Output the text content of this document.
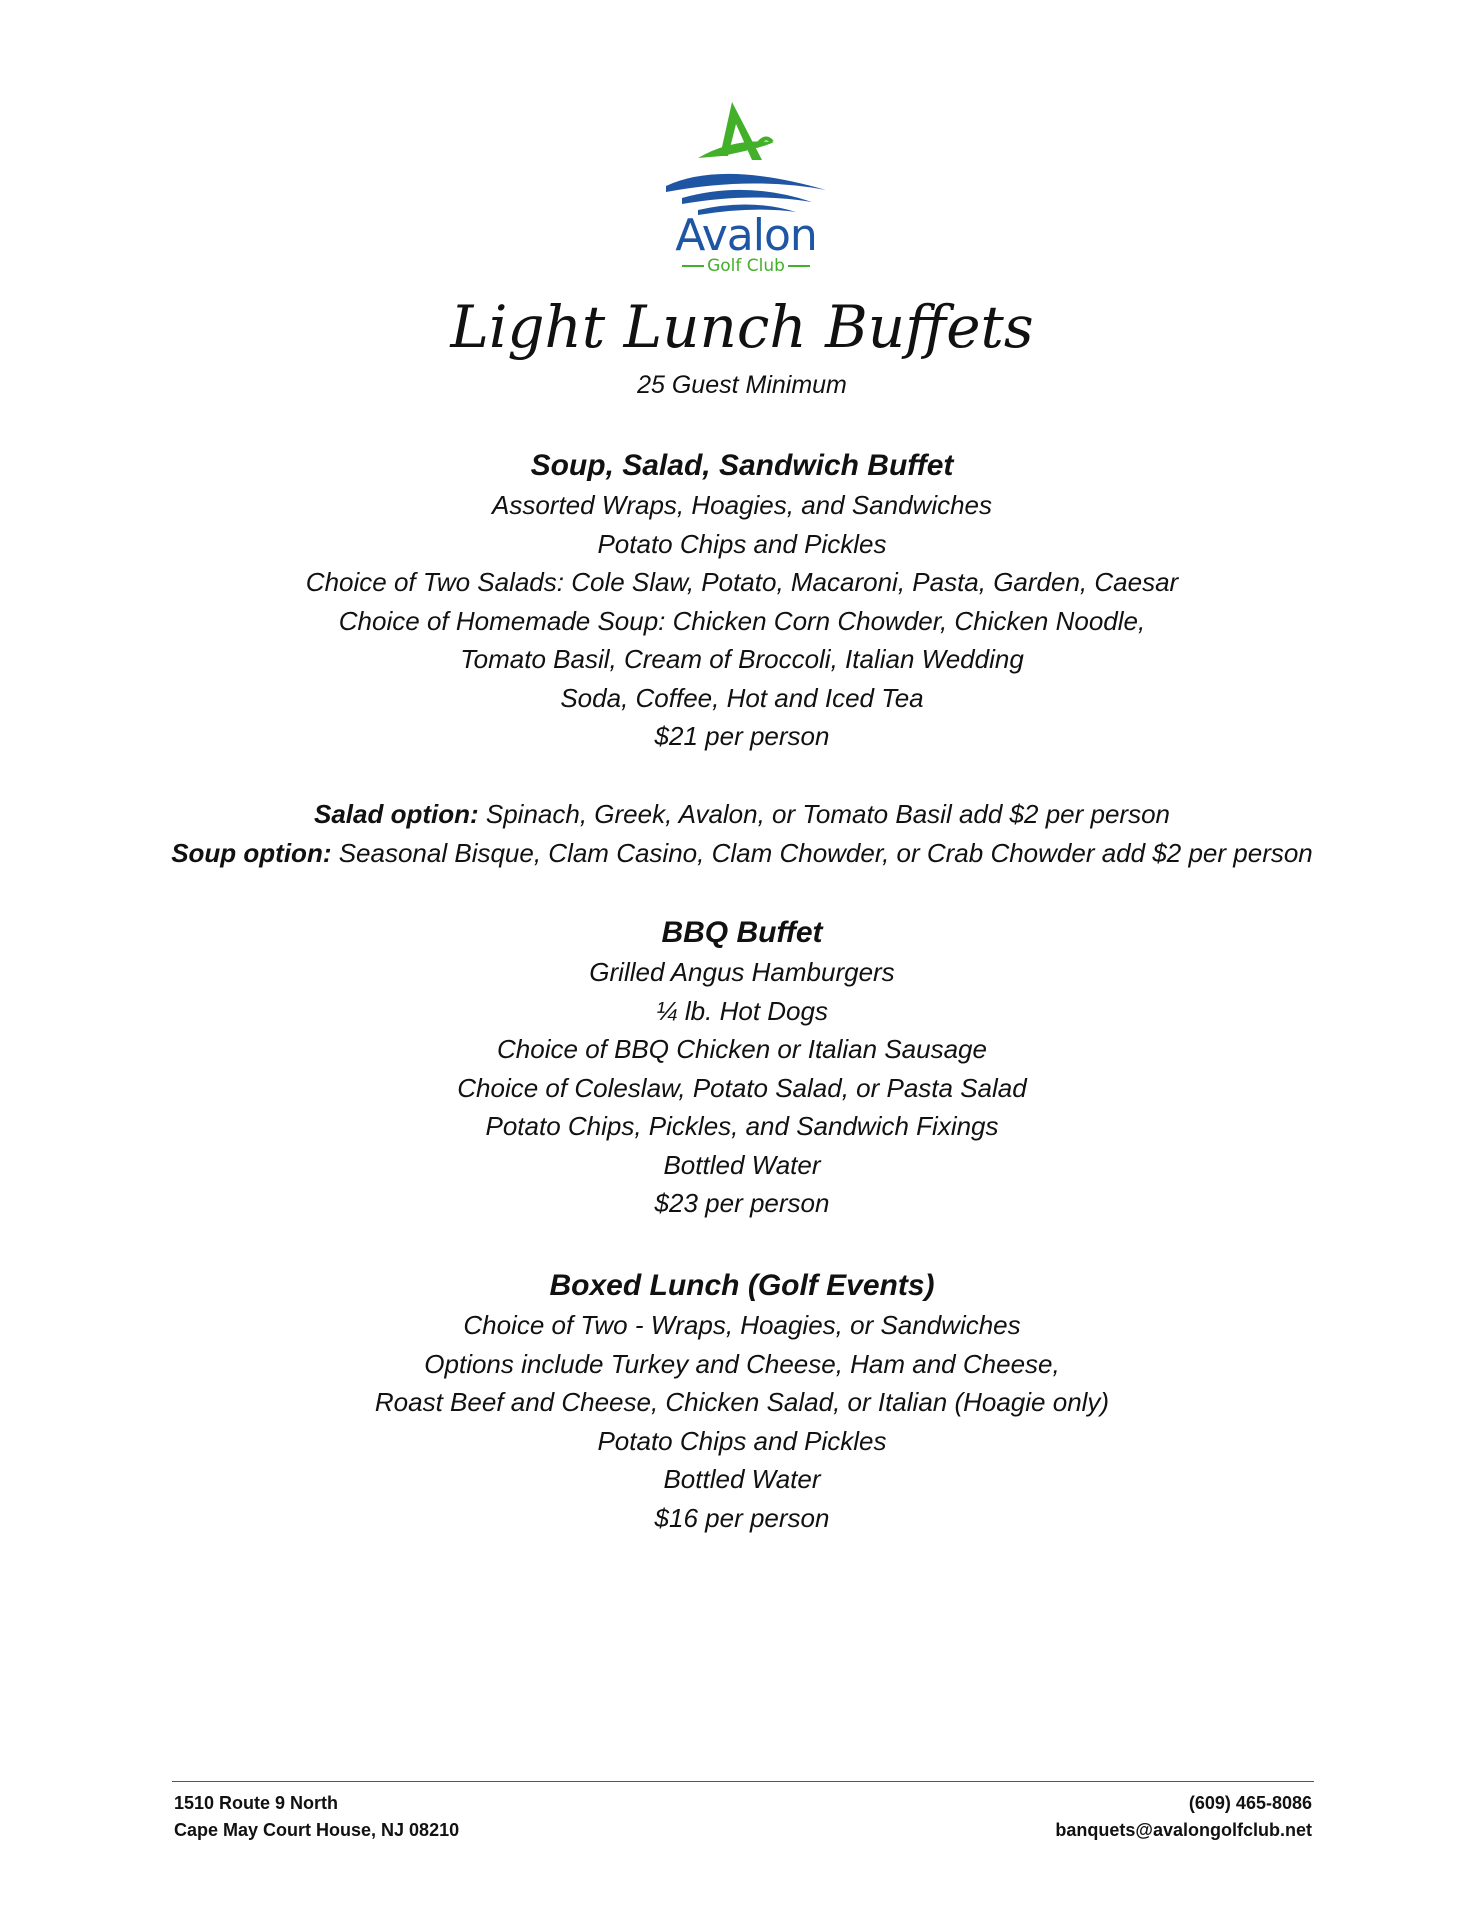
Avalon
Golf Club
Light Lunch Buffets
25 Guest Minimum
Soup, Salad, Sandwich Buffet
Assorted Wraps, Hoagies, and Sandwiches
Potato Chips and Pickles
Choice of Two Salads: Cole Slaw, Potato, Macaroni, Pasta, Garden, Caesar
Choice of Homemade Soup: Chicken Corn Chowder, Chicken Noodle,
Tomato Basil, Cream of Broccoli, Italian Wedding
Soda, Coffee, Hot and Iced Tea
$21 per person
Salad option: Spinach, Greek, Avalon, or Tomato Basil add $2 per person
Soup option: Seasonal Bisque, Clam Casino, Clam Chowder, or Crab Chowder add $2 per person
BBQ Buffet
Grilled Angus Hamburgers
¼ lb. Hot Dogs
Choice of BBQ Chicken or Italian Sausage
Choice of Coleslaw, Potato Salad, or Pasta Salad
Potato Chips, Pickles, and Sandwich Fixings
Bottled Water
$23 per person
Boxed Lunch (Golf Events)
Choice of Two - Wraps, Hoagies, or Sandwiches
Options include Turkey and Cheese, Ham and Cheese,
Roast Beef and Cheese, Chicken Salad, or Italian (Hoagie only)
Potato Chips and Pickles
Bottled Water
$16 per person
1510 Route 9 North
Cape May Court House, NJ 08210
(609) 465-8086
banquets@avalongolfclub.net
